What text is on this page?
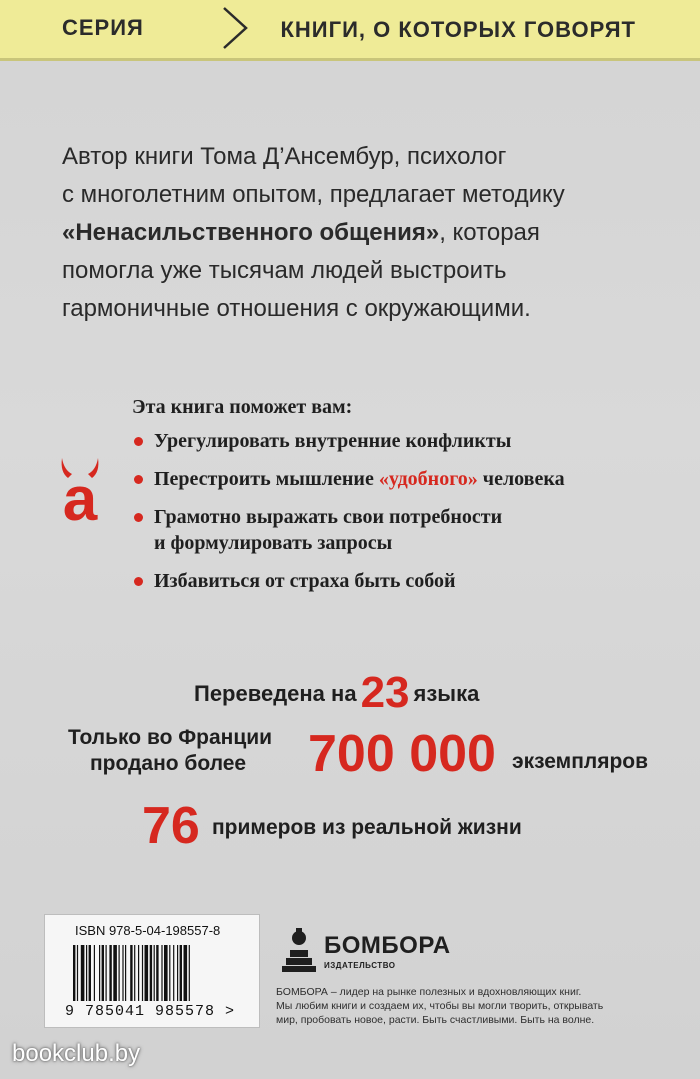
СЕРИЯ	КНИГИ, О КОТОРЫХ ГОВОРЯТ
Автор книги Тома Д’Ансембур, психолог
с многолетним опытом, предлагает методику
«Ненасильственного общения», которая
помогла уже тысячам людей выстроить
гармоничные отношения с окружающими.
a
Эта книга поможет вам:
Урегулировать внутренние конфликты
Перестроить мышление «удобного» человека
Грамотно выражать свои потребности
и формулировать запросы
Избавиться от страха быть собой
Переведена на23 языка
Только во Франции
продано более 700 000 экземпляров
76 примеров из реальной жизни
ISBN 978-5-04-198557-8
9 785041 985578 >
БОМБОРА
ИЗДАТЕЛЬСТВО
БОМБОРА – лидер на рынке полезных и вдохновляющих книг.
Мы любим книги и создаем их, чтобы вы могли творить, открывать
мир, пробовать новое, расти. Быть счастливыми. Быть на волне.
bookclub.by
